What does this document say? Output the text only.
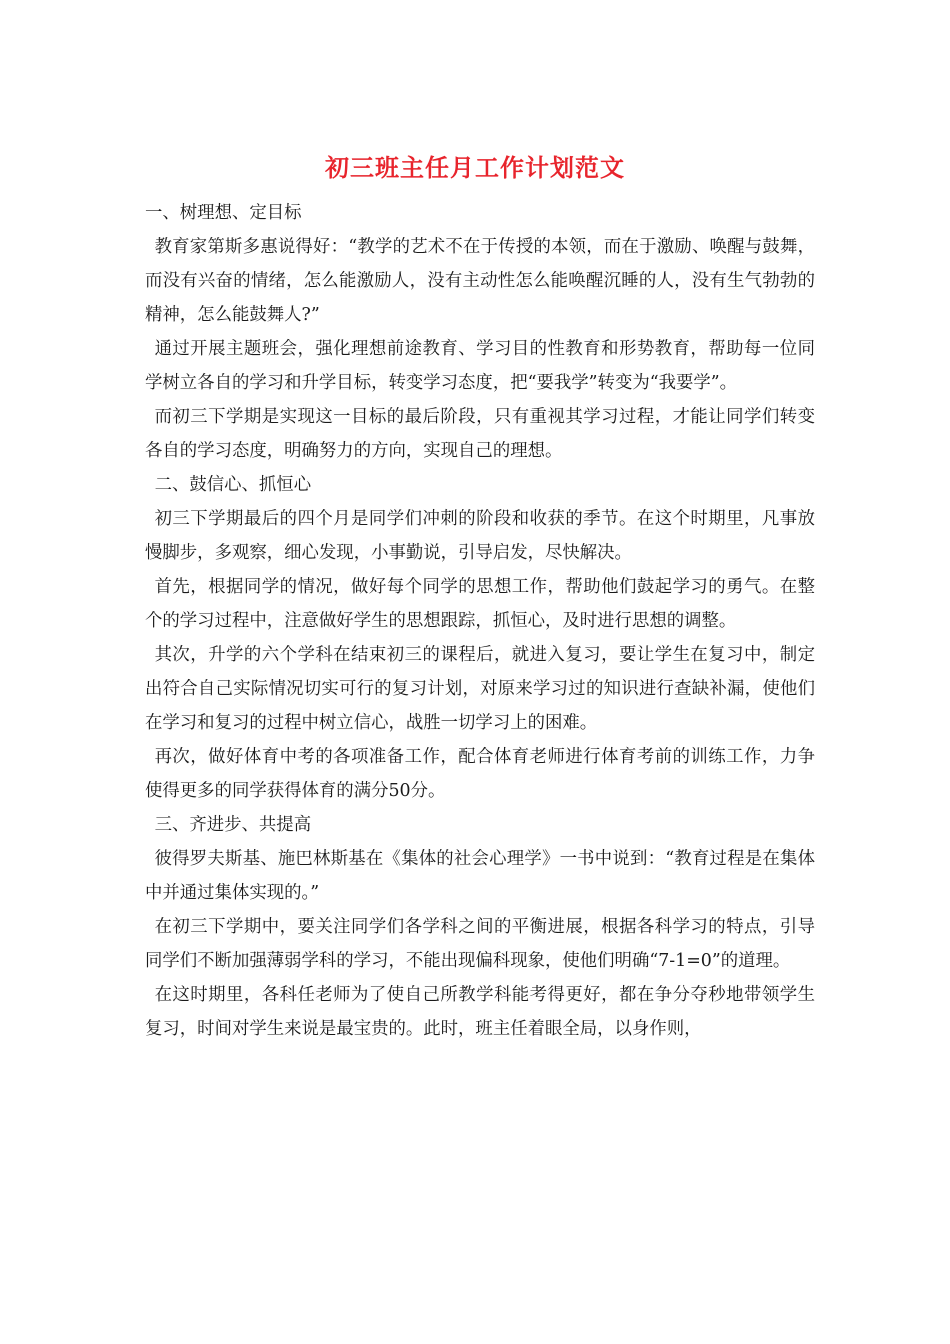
初三班主任月工作计划范文

一、树理想、定目标

教育家第斯多惠说得好：“教学的艺术不在于传授的本领，而在于激励、唤醒与鼓舞，而没有兴奋的情绪，怎么能激励人，没有主动性怎么能唤醒沉睡的人，没有生气勃勃的精神，怎么能鼓舞人?”

通过开展主题班会，强化理想前途教育、学习目的性教育和形势教育，帮助每一位同学树立各自的学习和升学目标，转变学习态度，把“要我学”转变为“我要学”。

而初三下学期是实现这一目标的最后阶段，只有重视其学习过程，才能让同学们转变各自的学习态度，明确努力的方向，实现自己的理想。

二、鼓信心、抓恒心

初三下学期最后的四个月是同学们冲刺的阶段和收获的季节。在这个时期里，凡事放慢脚步，多观察，细心发现，小事勤说，引导启发，尽快解决。

首先，根据同学的情况，做好每个同学的思想工作，帮助他们鼓起学习的勇气。在整个的学习过程中，注意做好学生的思想跟踪，抓恒心，及时进行思想的调整。

其次，升学的六个学科在结束初三的课程后，就进入复习，要让学生在复习中，制定出符合自己实际情况切实可行的复习计划，对原来学习过的知识进行查缺补漏，使他们在学习和复习的过程中树立信心，战胜一切学习上的困难。

再次，做好体育中考的各项准备工作，配合体育老师进行体育考前的训练工作，力争使得更多的同学获得体育的满分50分。

三、齐进步、共提高

彼得罗夫斯基、施巴林斯基在《集体的社会心理学》一书中说到：“教育过程是在集体中并通过集体实现的。”

在初三下学期中，要关注同学们各学科之间的平衡进展，根据各科学习的特点，引导同学们不断加强薄弱学科的学习，不能出现偏科现象，使他们明确“7-1=0”的道理。

在这时期里，各科任老师为了使自己所教学科能考得更好，都在争分夺秒地带领学生复习，时间对学生来说是最宝贵的。此时，班主任着眼全局，以身作则，
